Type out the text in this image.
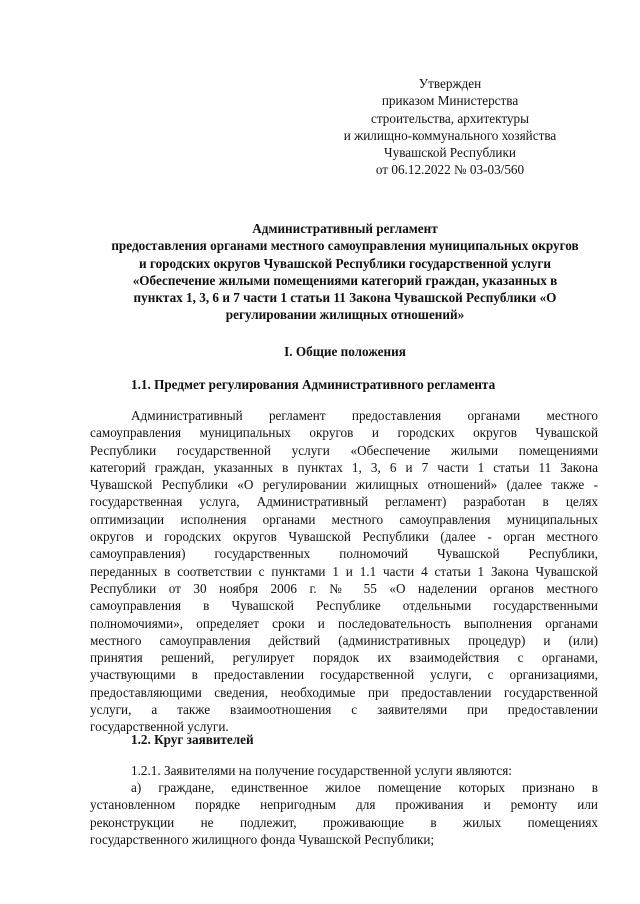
Утвержден
приказом Министерства
строительства, архитектуры
и жилищно-коммунального хозяйства
Чувашской Республики
от 06.12.2022 № 03-03/560
Административный регламент
предоставления органами местного самоуправления муниципальных округов
и городских округов Чувашской Республики государственной услуги
«Обеспечение жилыми помещениями категорий граждан, указанных в
пунктах 1, 3, 6 и 7 части 1 статьи 11 Закона Чувашской Республики «О
регулировании жилищных отношений»
I. Общие положения
1.1. Предмет регулирования Административного регламента
Административный регламент предоставления органами местного
самоуправления муниципальных округов и городских округов Чувашской
Республики государственной услуги «Обеспечение жилыми помещениями
категорий граждан, указанных в пунктах 1, 3, 6 и 7 части 1 статьи 11 Закона
Чувашской Республики «О регулировании жилищных отношений» (далее также -
государственная услуга, Административный регламент) разработан в целях
оптимизации исполнения органами местного самоуправления муниципальных
округов и городских округов Чувашской Республики (далее - орган местного
самоуправления) государственных полномочий Чувашской Республики,
переданных в соответствии с пунктами 1 и 1.1 части 4 статьи 1 Закона Чувашской
Республики от 30 ноября 2006 г. № 55 «О наделении органов местного
самоуправления в Чувашской Республике отдельными государственными
полномочиями», определяет сроки и последовательность выполнения органами
местного самоуправления действий (административных процедур) и (или)
принятия решений, регулирует порядок их взаимодействия с органами,
участвующими в предоставлении государственной услуги, с организациями,
предоставляющими сведения, необходимые при предоставлении государственной
услуги, а также взаимоотношения с заявителями при предоставлении
государственной услуги.
1.2. Круг заявителей
1.2.1. Заявителями на получение государственной услуги являются:
а) граждане, единственное жилое помещение которых признано в
установленном порядке непригодным для проживания и ремонту или
реконструкции не подлежит, проживающие в жилых помещениях
государственного жилищного фонда Чувашской Республики;
